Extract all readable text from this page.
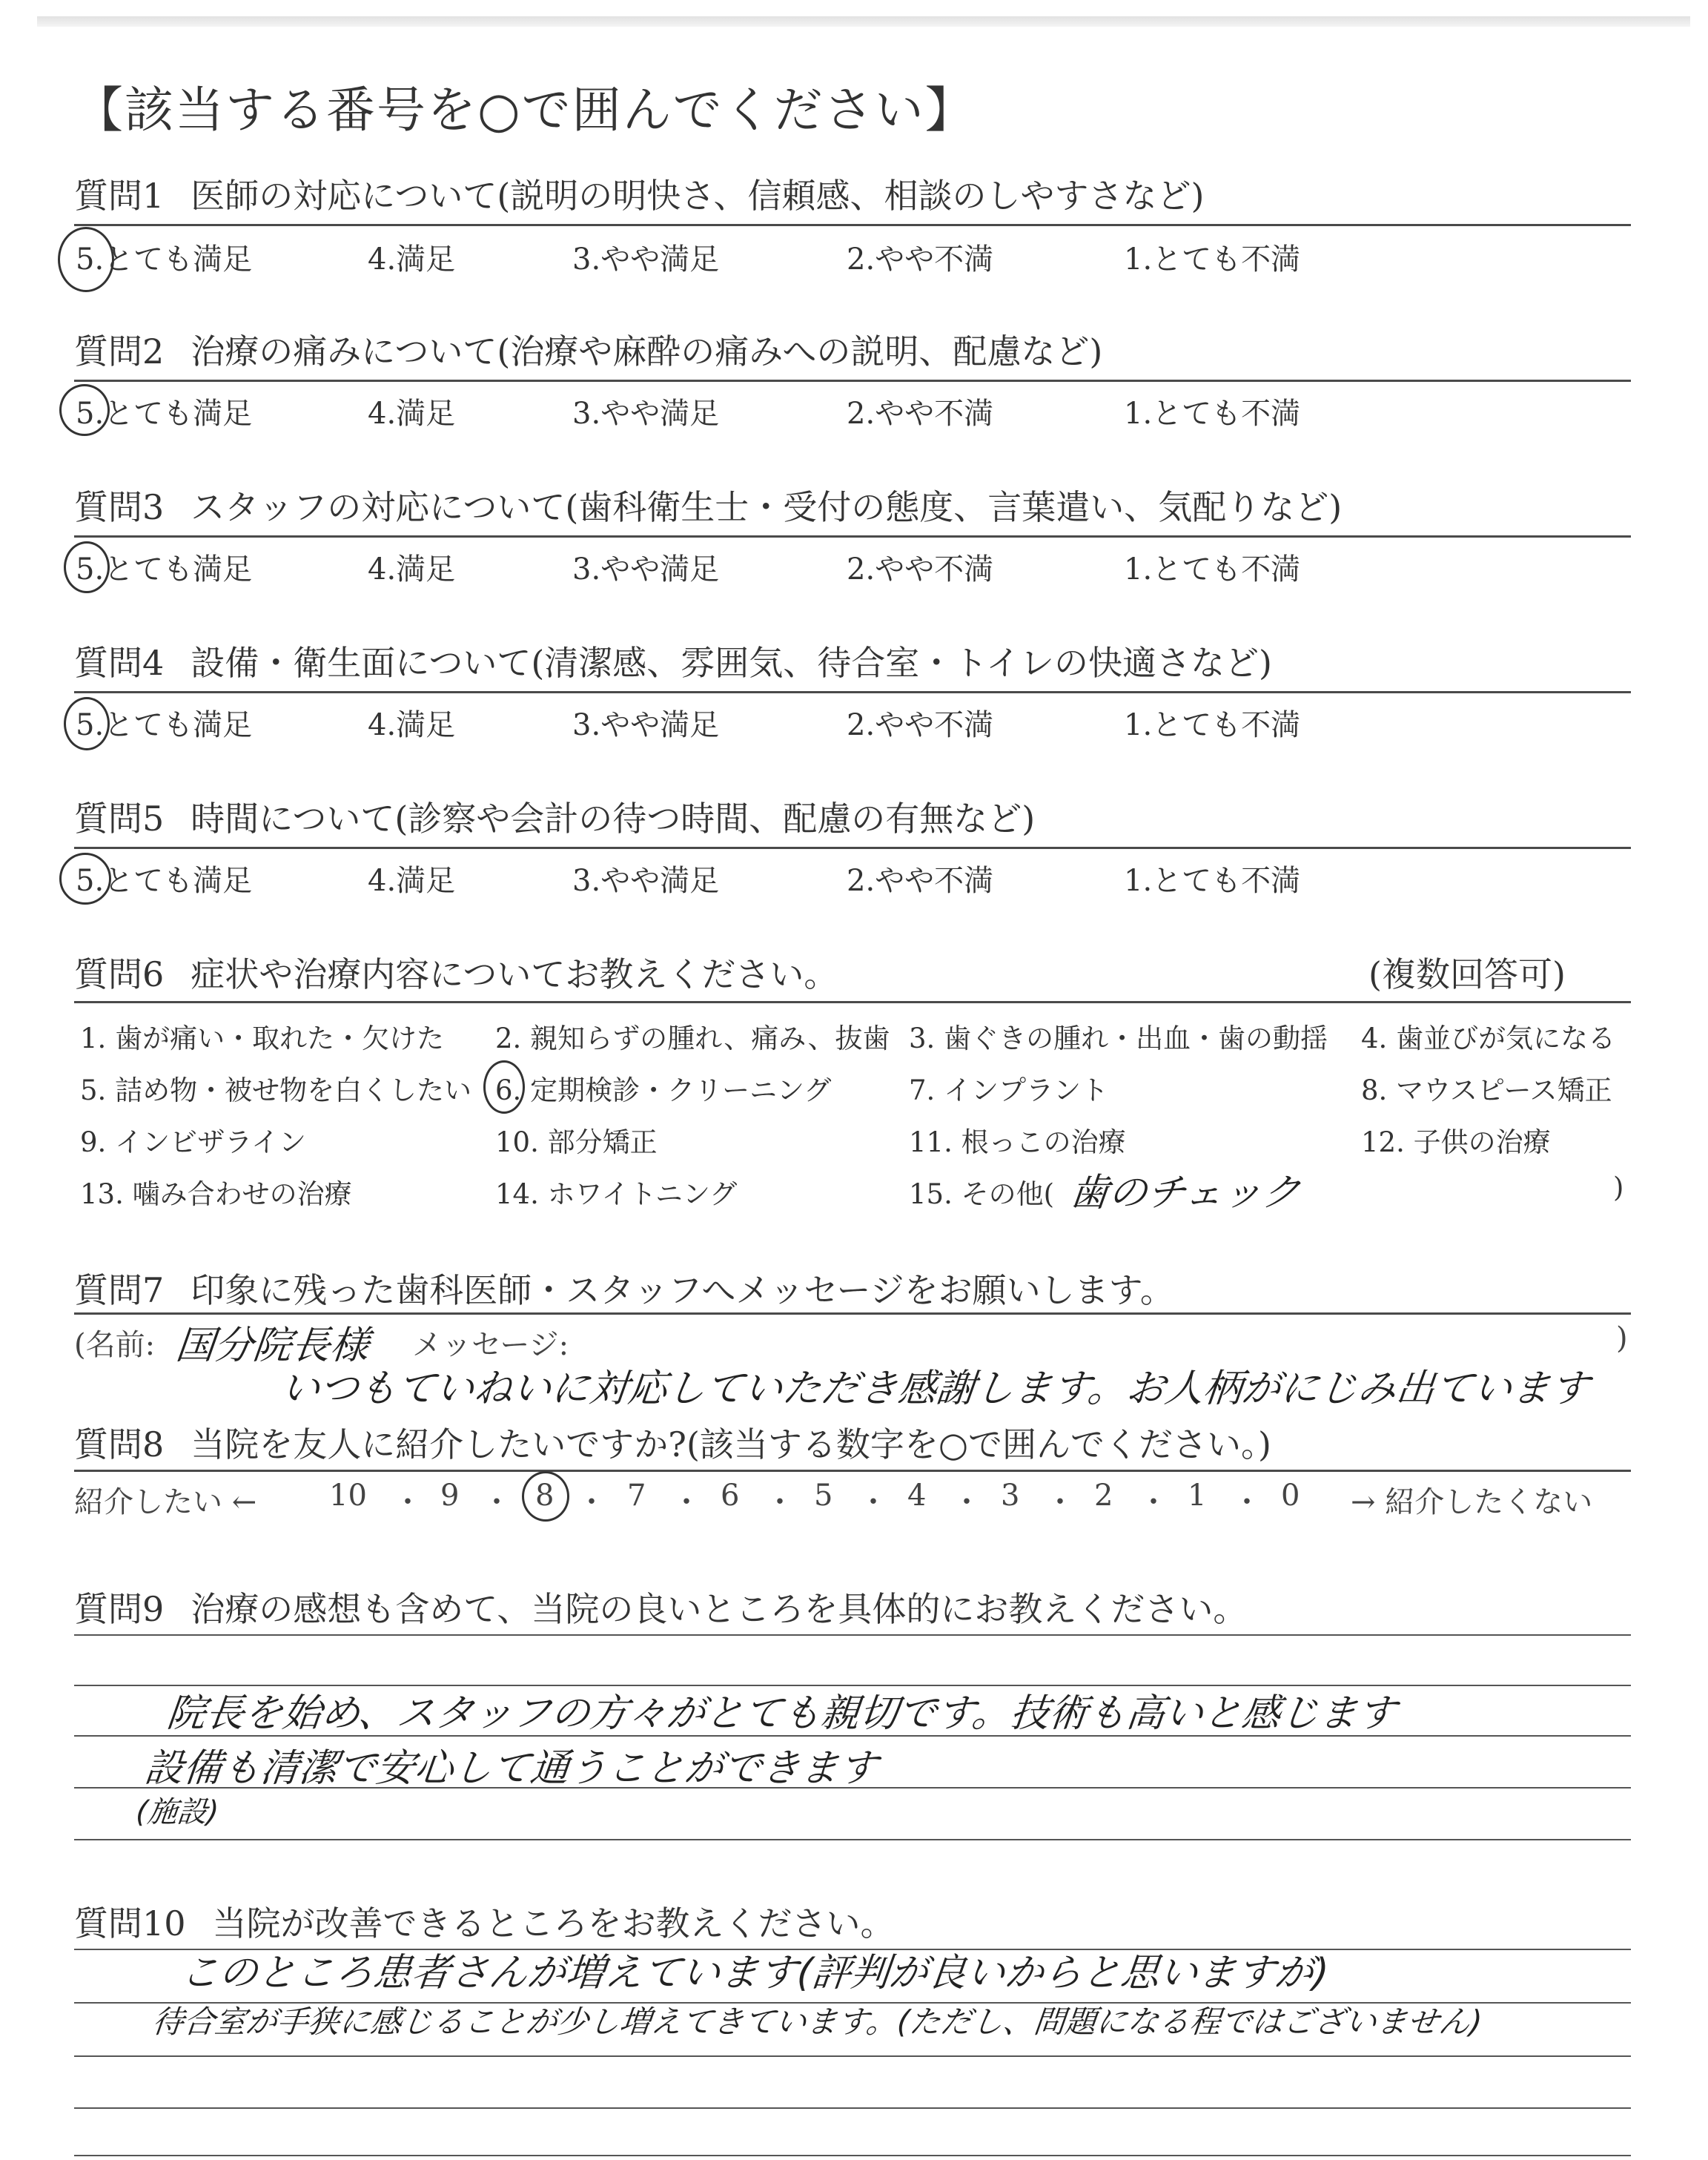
【該当する番号を○で囲んでください】
質問1 医師の対応について(説明の明快さ、信頼感、相談のしやすさなど)
5.とても満足	4.満足	3.やや満足	2.やや不満	1.とても不満
質問2 治療の痛みについて(治療や麻酔の痛みへの説明、配慮など)
5.とても満足	4.満足	3.やや満足	2.やや不満	1.とても不満
質問3 スタッフの対応について(歯科衛生士・受付の態度、言葉遣い、気配りなど)
5.とても満足	4.満足	3.やや満足	2.やや不満	1.とても不満
質問4 設備・衛生面について(清潔感、雰囲気、待合室・トイレの快適さなど)
5.とても満足	4.満足	3.やや満足	2.やや不満	1.とても不満
質問5 時間について(診察や会計の待つ時間、配慮の有無など)
5.とても満足	4.満足	3.やや満足	2.やや不満	1.とても不満
質問6 症状や治療内容についてお教えください。	(複数回答可)
1. 歯が痛い・取れた・欠けた 2. 親知らずの腫れ、痛み、抜歯 3. 歯ぐきの腫れ・出血・歯の動揺 4. 歯並びが気になる
5. 詰め物・被せ物を白くしたい 6. 定期検診・クリーニング	7. インプラント	8. マウスピース矯正
9. インビザライン	10. 部分矯正	11. 根っこの治療	12. 子供の治療
13. 噛み合わせの治療	14. ホワイトニング	15. その他( 歯のチェック	)
質問7 印象に残った歯科医師・スタッフへメッセージをお願いします。
(名前: 国分院長様 メッセージ:	)
いつもていねいに対応していただき感謝します。お人柄がにじみ出ています
質問8 当院を友人に紹介したいですか?(該当する数字を○で囲んでください。)
紹介したい ←	→ 紹介したくない
10 ・ 9 ・ 8 ・ 7 ・ 6 ・ 5 ・ 4 ・ 3 ・ 2 ・ 1 ・ 0
質問9 治療の感想も含めて、当院の良いところを具体的にお教えください。
院長を始め、スタッフの方々がとても親切です。技術も高いと感じます
設備も清潔で安心して通うことができます
(施設)
質問10 当院が改善できるところをお教えください。
このところ患者さんが増えています(評判が良いからと思いますが)
待合室が手狭に感じることが少し増えてきています。(ただし、問題になる程ではございません)
